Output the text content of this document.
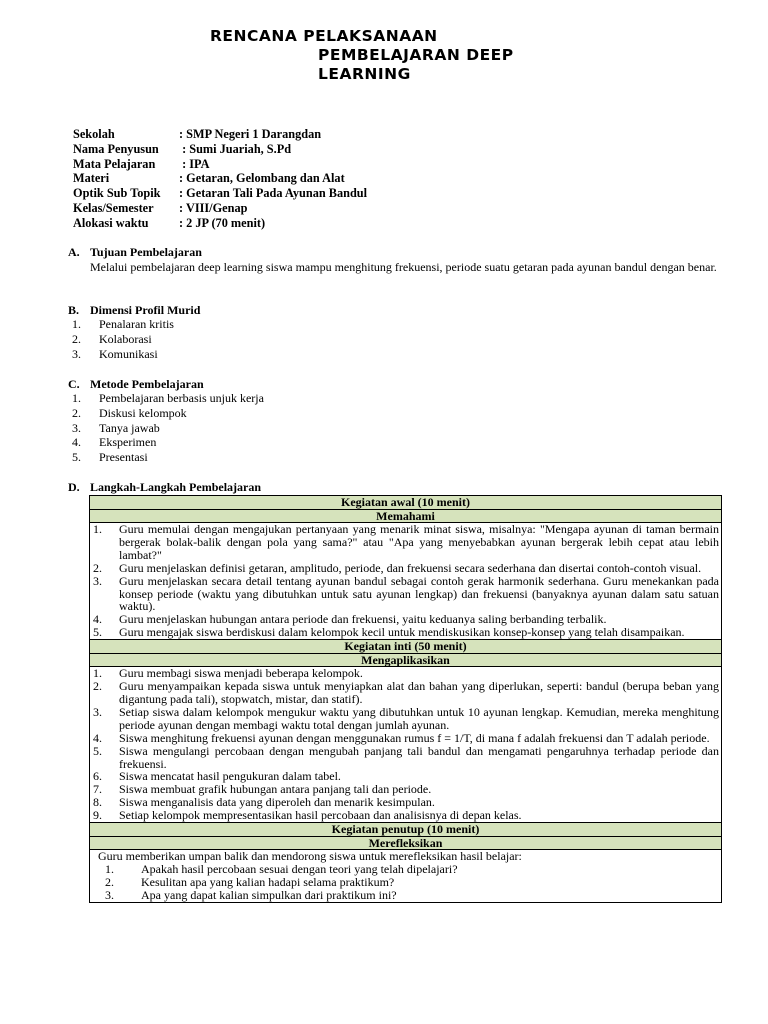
RENCANA PELAKSANAAN
PEMBELAJARAN DEEP
LEARNING
Sekolah	: SMP Negeri 1 Darangdan
Nama Penyusun	: Sumi Juariah, S.Pd
Mata Pelajaran	: IPA
Materi	: Getaran, Gelombang dan Alat
Optik Sub Topik	: Getaran Tali Pada Ayunan Bandul
Kelas/Semester	: VIII/Genap
Alokasi waktu	: 2 JP (70 menit)
A. Tujuan Pembelajaran
Melalui pembelajaran deep learning siswa mampu menghitung frekuensi, periode suatu getaran pada ayunan bandul dengan benar.
B. Dimensi Profil Murid
1.	Penalaran kritis
2.	Kolaborasi
3.	Komunikasi
C. Metode Pembelajaran
1.	Pembelajaran berbasis unjuk kerja
2.	Diskusi kelompok
3.	Tanya jawab
4.	Eksperimen
5.	Presentasi
D. Langkah-Langkah Pembelajaran
Kegiatan awal (10 menit)
Memahami

1.	Guru memulai dengan mengajukan pertanyaan yang menarik minat siswa, misalnya: "Mengapa ayunan di taman bermain bergerak bolak-balik dengan pola yang sama?" atau "Apa yang menyebabkan ayunan bergerak lebih cepat atau lebih lambat?"
2.	Guru menjelaskan definisi getaran, amplitudo, periode, dan frekuensi secara sederhana dan disertai contoh-contoh visual.
3.	Guru menjelaskan secara detail tentang ayunan bandul sebagai contoh gerak harmonik sederhana. Guru menekankan pada konsep periode (waktu yang dibutuhkan untuk satu ayunan lengkap) dan frekuensi (banyaknya ayunan dalam satu satuan waktu).
4.	Guru menjelaskan hubungan antara periode dan frekuensi, yaitu keduanya saling berbanding terbalik.
5.	Guru mengajak siswa berdiskusi dalam kelompok kecil untuk mendiskusikan konsep-konsep yang telah disampaikan.

Kegiatan inti (50 menit)
Mengaplikasikan

1.	Guru membagi siswa menjadi beberapa kelompok.
2.	Guru menyampaikan kepada siswa untuk menyiapkan alat dan bahan yang diperlukan, seperti: bandul (berupa beban yang digantung pada tali), stopwatch, mistar, dan statif).
3.	Setiap siswa dalam kelompok mengukur waktu yang dibutuhkan untuk 10 ayunan lengkap. Kemudian, mereka menghitung periode ayunan dengan membagi waktu total dengan jumlah ayunan.
4.	Siswa menghitung frekuensi ayunan dengan menggunakan rumus f = 1/T, di mana f adalah frekuensi dan T adalah periode.
5.	Siswa mengulangi percobaan dengan mengubah panjang tali bandul dan mengamati pengaruhnya terhadap periode dan frekuensi.
6.	Siswa mencatat hasil pengukuran dalam tabel.
7.	Siswa membuat grafik hubungan antara panjang tali dan periode.
8.	Siswa menganalisis data yang diperoleh dan menarik kesimpulan.
9.	Setiap kelompok mempresentasikan hasil percobaan dan analisisnya di depan kelas.

Kegiatan penutup (10 menit)
Merefleksikan

Guru memberikan umpan balik dan mendorong siswa untuk merefleksikan hasil belajar:
1.	Apakah hasil percobaan sesuai dengan teori yang telah dipelajari?
2.	Kesulitan apa yang kalian hadapi selama praktikum?
3.	Apa yang dapat kalian simpulkan dari praktikum ini?
